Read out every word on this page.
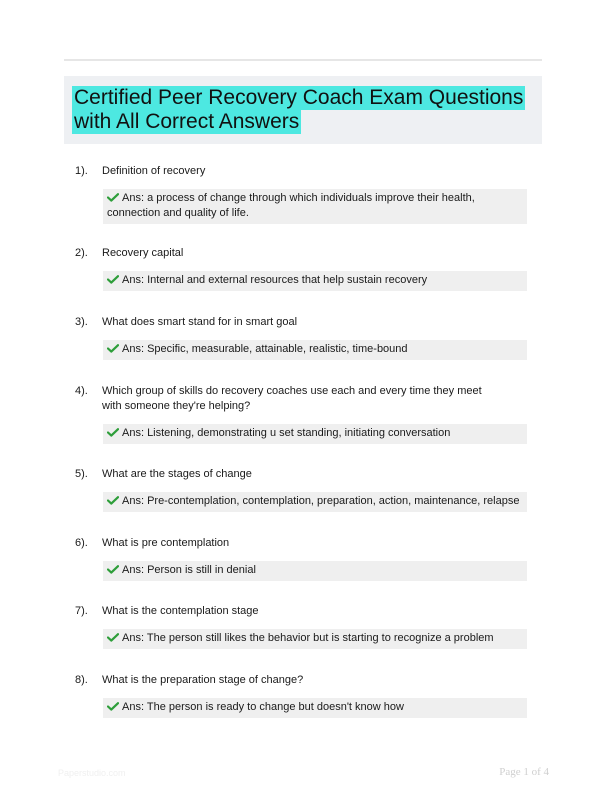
Certified Peer Recovery Coach Exam Questions
with All Correct Answers
1). Definition of recovery
Ans: a process of change through which individuals improve their health, connection and quality of life.
2). Recovery capital
Ans: Internal and external resources that help sustain recovery
3). What does smart stand for in smart goal
Ans: Specific, measurable, attainable, realistic, time-bound
4). Which group of skills do recovery coaches use each and every time they meet with someone they're helping?
Ans: Listening, demonstrating u set standing, initiating conversation
5). What are the stages of change
Ans: Pre-contemplation, contemplation, preparation, action, maintenance, relapse
6). What is pre contemplation
Ans: Person is still in denial
7). What is the contemplation stage
Ans: The person still likes the behavior but is starting to recognize a problem
8). What is the preparation stage of change?
Ans: The person is ready to change but doesn't know how
Paperstudio.com	Page 1 of 4
